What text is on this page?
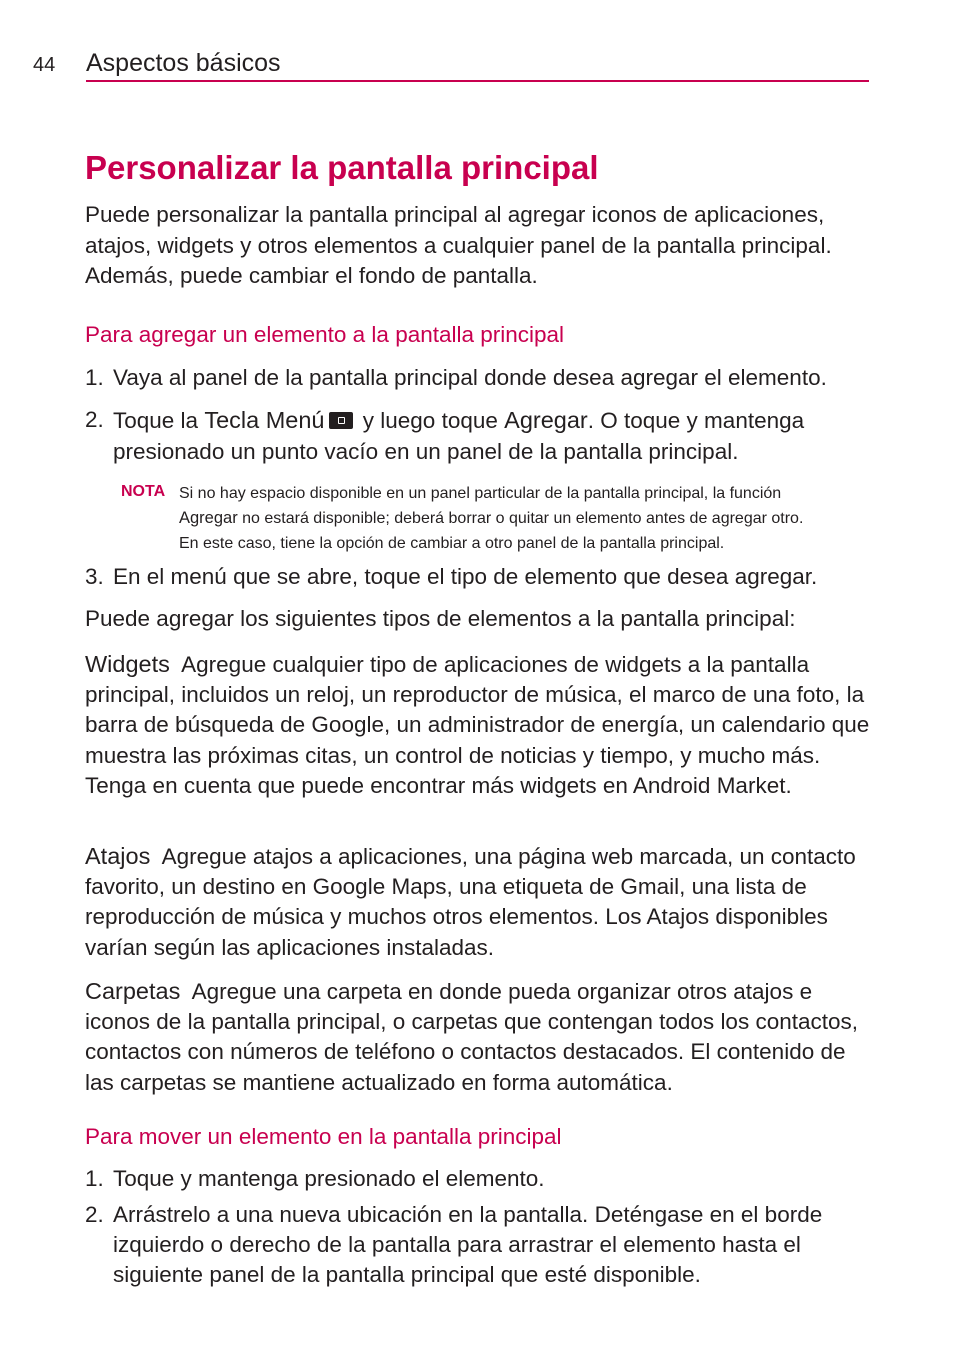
44 Aspectos básicos
Personalizar la pantalla principal
Puede personalizar la pantalla principal al agregar iconos de aplicaciones, atajos, widgets y otros elementos a cualquier panel de la pantalla principal. Además, puede cambiar el fondo de pantalla.
Para agregar un elemento a la pantalla principal
1. Vaya al panel de la pantalla principal donde desea agregar el elemento.
2. Toque la Tecla Menú y luego toque Agregar. O toque y mantenga presionado un punto vacío en un panel de la pantalla principal.
NOTA Si no hay espacio disponible en un panel particular de la pantalla principal, la función
Agregar no estará disponible; deberá borrar o quitar un elemento antes de agregar otro.
En este caso, tiene la opción de cambiar a otro panel de la pantalla principal.
3. En el menú que se abre, toque el tipo de elemento que desea agregar.
Puede agregar los siguientes tipos de elementos a la pantalla principal:
Widgets Agregue cualquier tipo de aplicaciones de widgets a la pantalla principal, incluidos un reloj, un reproductor de música, el marco de una foto, la barra de búsqueda de Google, un administrador de energía, un calendario que muestra las próximas citas, un control de noticias y tiempo, y mucho más. Tenga en cuenta que puede encontrar más widgets en Android Market.
Atajos Agregue atajos a aplicaciones, una página web marcada, un contacto favorito, un destino en Google Maps, una etiqueta de Gmail, una lista de reproducción de música y muchos otros elementos. Los Atajos disponibles varían según las aplicaciones instaladas.
Carpetas Agregue una carpeta en donde pueda organizar otros atajos e iconos de la pantalla principal, o carpetas que contengan todos los contactos, contactos con números de teléfono o contactos destacados. El contenido de las carpetas se mantiene actualizado en forma automática.
Para mover un elemento en la pantalla principal
1. Toque y mantenga presionado el elemento.
2. Arrástrelo a una nueva ubicación en la pantalla. Deténgase en el borde izquierdo o derecho de la pantalla para arrastrar el elemento hasta el siguiente panel de la pantalla principal que esté disponible.
